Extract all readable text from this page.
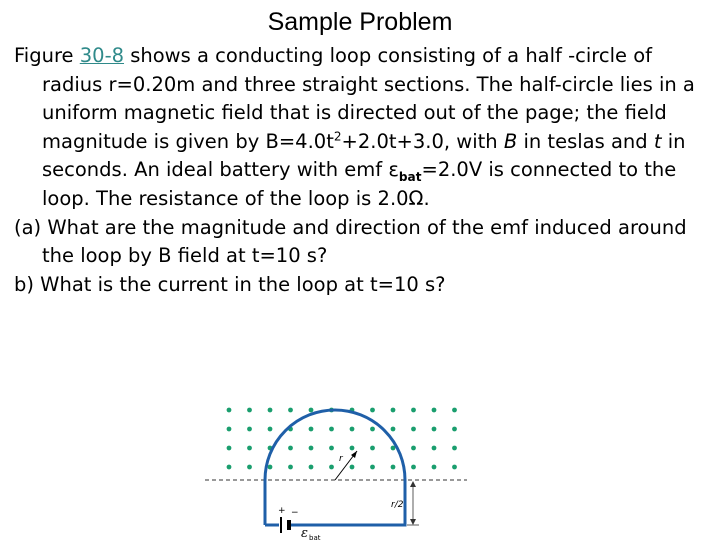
Sample Problem

Figure 30-8 shows a conducting loop consisting of a half -circle of radius r=0.20m and three straight sections. The half-circle lies in a uniform magnetic field that is directed out of the page; the field magnitude is given by $B=4.0t^2+2.0t+3.0$, with B in teslas and t in seconds. An ideal battery with emf $\varepsilon_{bat}=2.0V$ is connected to the loop. The resistance of the loop is 2.0Ω.

(a) What are the magnitude and direction of the emf induced around the loop by B field at t=10 s?

b) What is the current in the loop at t=10 s?

+ −
ε bat
r
r/2
